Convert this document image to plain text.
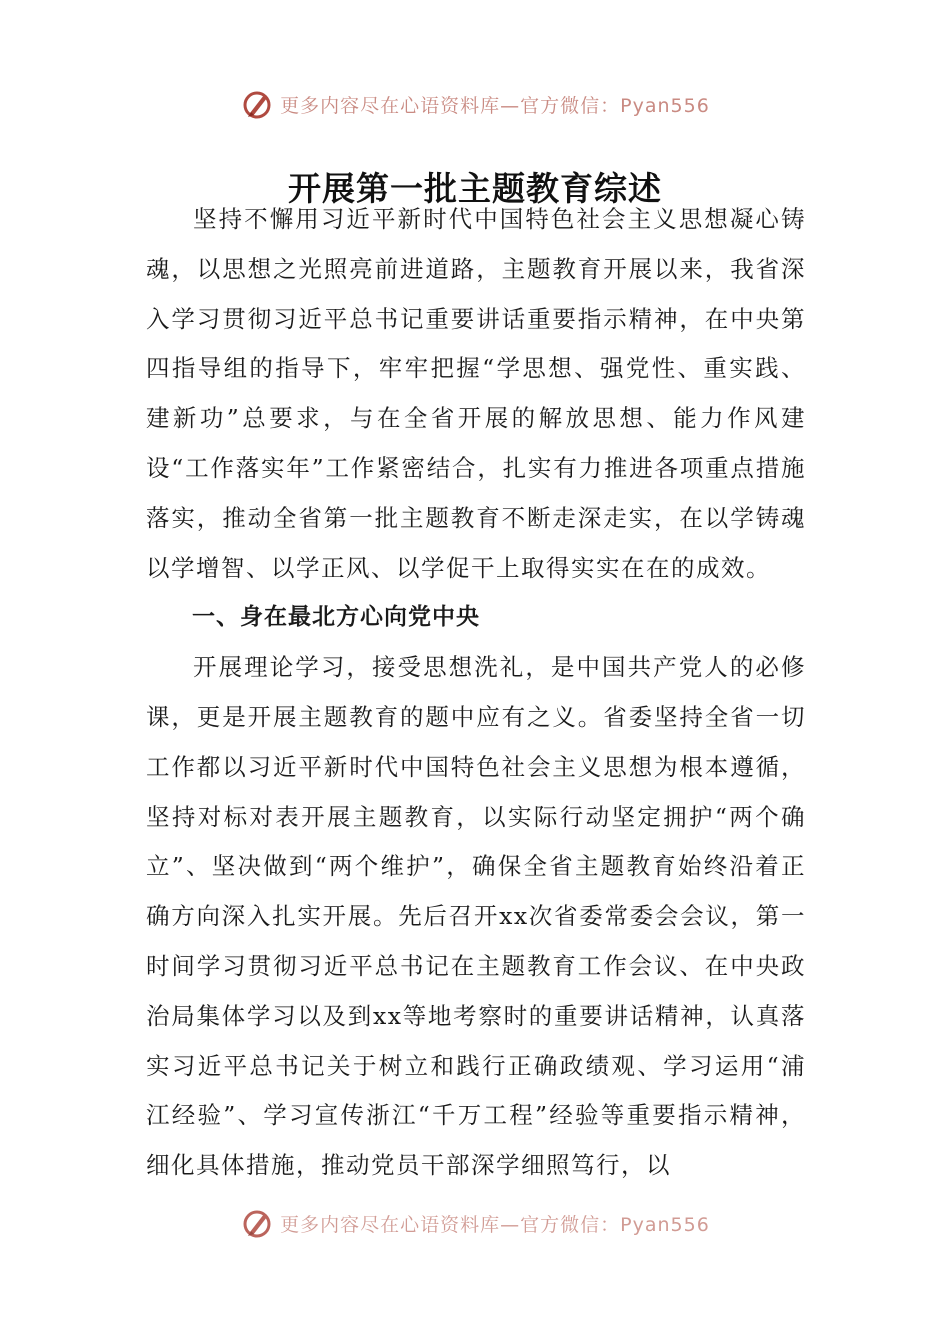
更多内容尽在心语资料库—官方微信：Pyan556
开展第一批主题教育综述

坚持不懈用习近平新时代中国特色社会主义思想凝心铸魂，以思想之光照亮前进道路，主题教育开展以来，我省深入学习贯彻习近平总书记重要讲话重要指示精神，在中央第四指导组的指导下，牢牢把握“学思想、强党性、重实践、建新功”总要求，与在全省开展的解放思想、能力作风建设“工作落实年”工作紧密结合，扎实有力推进各项重点措施落实，推动全省第一批主题教育不断走深走实，在以学铸魂以学增智、以学正风、以学促干上取得实实在在的成效。

一、身在最北方心向党中央

开展理论学习，接受思想洗礼，是中国共产党人的必修课，更是开展主题教育的题中应有之义。省委坚持全省一切工作都以习近平新时代中国特色社会主义思想为根本遵循，坚持对标对表开展主题教育，以实际行动坚定拥护“两个确立”、坚决做到“两个维护”，确保全省主题教育始终沿着正确方向深入扎实开展。先后召开xx次省委常委会会议，第一时间学习贯彻习近平总书记在主题教育工作会议、在中央政治局集体学习以及到xx等地考察时的重要讲话精神，认真落实习近平总书记关于树立和践行正确政绩观、学习运用“浦江经验”、学习宣传浙江“千万工程”经验等重要指示精神，细化具体措施，推动党员干部深学细照笃行，以

更多内容尽在心语资料库—官方微信：Pyan556
